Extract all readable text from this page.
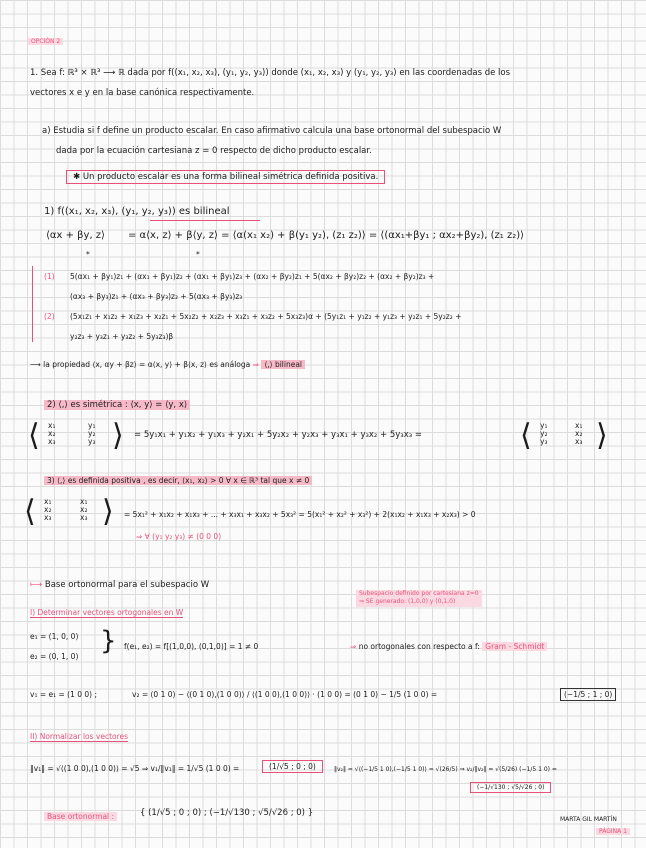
OPCIÓN 2
1. Sea f: ℝ³ × ℝ³ ⟶ ℝ dada por f((x₁, x₂, x₃), (y₁, y₂, y₃)) donde (x₁, x₂, x₃) y (y₁, y₂, y₃) en las coordenadas de los
vectores x e y en la base canónica respectivamente.
a) Estudia si f define un producto escalar. En caso afirmativo calcula una base ortonormal del subespacio W
dada por la ecuación cartesiana z = 0 respecto de dicho producto escalar.
✱ Un producto escalar es una forma bilineal simétrica definida positiva.
1) f((x₁, x₂, x₃), (y₁, y₂, y₃)) es bilineal
⟨αx + βy, z⟩ = α⟨x, z⟩ + β⟨y, z⟩ = ⟨α(x₁ x₂) + β(y₁ y₂), (z₁ z₂)⟩ = ⟨(αx₁+βy₁ ; αx₂+βy₂), (z₁ z₂)⟩
*	*
(1) 5(αx₁ + βy₁)z₁ + (αx₁ + βy₁)z₂ + (αx₁ + βy₁)z₃ + (αx₂ + βy₂)z₁ + 5(αx₂ + βy₂)z₂ + (αx₂ + βy₂)z₃ +
(αx₃ + βy₃)z₁ + (αx₃ + βy₃)z₂ + 5(αx₃ + βy₃)z₃
(2) (5x₁z₁ + x₁z₂ + x₁z₃ + x₂z₁ + 5x₂z₂ + x₂z₃ + x₃z₁ + x₃z₂ + 5x₃z₃)α + (5y₁z₁ + y₁z₂ + y₁z₃ + y₂z₁ + 5y₂z₂ +
y₂z₃ + y₃z₁ + y₃z₂ + 5y₃z₃)β
⟶ la propiedad ⟨x, αy + βz⟩ = α⟨x, y⟩ + β⟨x, z⟩ es análoga ⇒ ⟨,⟩ bilineal
2) ⟨,⟩ es simétrica : ⟨x, y⟩ = ⟨y, x⟩
⟨ x₁
x₂
x₃
y₁
y₂
y₃ ⟩ = 5y₁x₁ + y₁x₂ + y₁x₃ + y₂x₁ + 5y₂x₂ + y₂x₃ + y₃x₁ + y₃x₂ + 5y₃x₃ =	⟨ y₁
y₂
y₃
x₁
x₂
x₃ ⟩
3) ⟨,⟩ es definida positiva , es decir, ⟨x₁, x₂⟩ > 0 ∀ x ∈ ℝ³ tal que x ≠ 0
⟨ x₁
x₂
x₃
x₁
x₂
x₃ ⟩ = 5x₁² + x₁x₂ + x₁x₃ + ... + x₃x₁ + x₃x₂ + 5x₃² = 5(x₁² + x₂² + x₃²) + 2(x₁x₂ + x₁x₃ + x₂x₃) > 0
⇒ ∀ (y₁ y₂ y₃) ≠ (0 0 0)
⟼ Base ortonormal para el subespacio W
Subespacio definido por cartesiana z=0
⇒ SE generado: (1,0,0) y (0,1,0)
I) Determinar vectores ortogonales en W
e₁ = (1, 0, 0)
e₂ = (0, 1, 0)
} f(e₁, e₂) = f[(1,0,0), (0,1,0)] = 1 ≠ 0	⇒ no ortogonales con respecto a f: Gram - Schmidt
v₁ = e₁ = (1 0 0) ;	v₂ = (0 1 0) − ⟨(0 1 0),(1 0 0)⟩ / ⟨(1 0 0),(1 0 0)⟩ · (1 0 0) = (0 1 0) − 1/5 (1 0 0) =	(−1/5 ; 1 ; 0)
II) Normalizar los vectores
‖v₁‖ = √⟨(1 0 0),(1 0 0)⟩ = √5 ⇒ v₁/‖v₁‖ = 1/√5 (1 0 0) =	(1/√5 ; 0 ; 0)	‖v₂‖ = √⟨(−1/5 1 0),(−1/5 1 0)⟩ = √(26/5) ⇒ v₂/‖v₂‖ = √(5/26) (−1/5 1 0) =
(−1/√130 ; √5/√26 ; 0)
Base ortonormal :	{ (1/√5 ; 0 ; 0) ; (−1/√130 ; √5/√26 ; 0) }
MARTA GIL MARTÍN
PÁGINA 1
